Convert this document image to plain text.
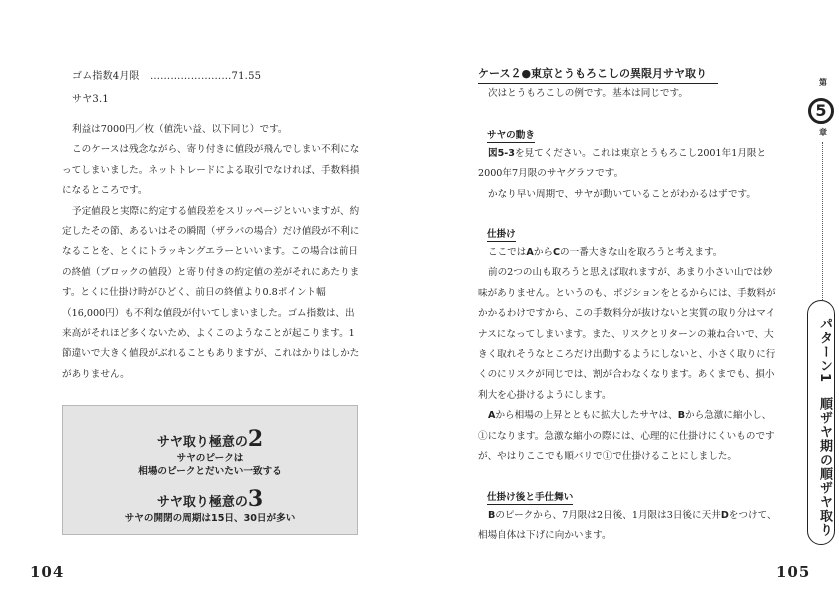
ゴム指数4月限　……………………71.55
サヤ3.1

利益は7000円／枚（値洗い益、以下同じ）です。

このケースは残念ながら、寄り付きに値段が飛んでしまい不利になってしまいました。ネットトレードによる取引でなければ、手数料損になるところです。

予定値段と実際に約定する値段差をスリッページといいますが、約定したその節、あるいはその瞬間（ザラバの場合）だけ値段が不利になることを、とくにトラッキングエラーといいます。この場合は前日の終値（ブロックの値段）と寄り付きの約定値の差がそれにあたります。とくに仕掛け時がひどく、前日の終値より0.8ポイント幅（16,000円）も不利な値段が付いてしまいました。ゴム指数は、出来高がそれほど多くないため、よくこのようなことが起こります。1節違いで大きく値段がぶれることもありますが、これはかりはしかたがありません。

サヤ取り極意の2
サヤのピークは
相場のピークとだいたい一致する
サヤ取り極意の3
サヤの開閉の周期は15日、30日が多い
104
ケース２●東京とうもろこしの異限月サヤ取り

次はとうもろこしの例です。基本は同じです。

サヤの動き

図5-3を見てください。これは東京とうもろこし2001年1月限と2000年7月限のサヤグラフです。

かなり早い周期で、サヤが動いていることがわかるはずです。

仕掛け

ここではAからCの一番大きな山を取ろうと考えます。

前の2つの山も取ろうと思えば取れますが、あまり小さい山では妙味がありません。というのも、ポジションをとるからには、手数料がかかるわけですから、この手数料分が抜けないと実質の取り分はマイナスになってしまいます。また、リスクとリターンの兼ね合いで、大きく取れそうなところだけ出動するようにしないと、小さく取りに行くのにリスクが同じでは、割が合わなくなります。あくまでも、損小利大を心掛けるようにします。

Aから相場の上昇とともに拡大したサヤは、Bから急激に縮小し、①になります。急激な縮小の際には、心理的に仕掛けにくいものですが、やはりここでも順バリで①で仕掛けることにしました。

仕掛け後と手仕舞い

Bのピークから、7月限は2日後、1月限は3日後に天井Dをつけて、相場自体は下げに向かいます。

105
第
5
章
パターン1　順ザヤ期の順ザヤ取り
